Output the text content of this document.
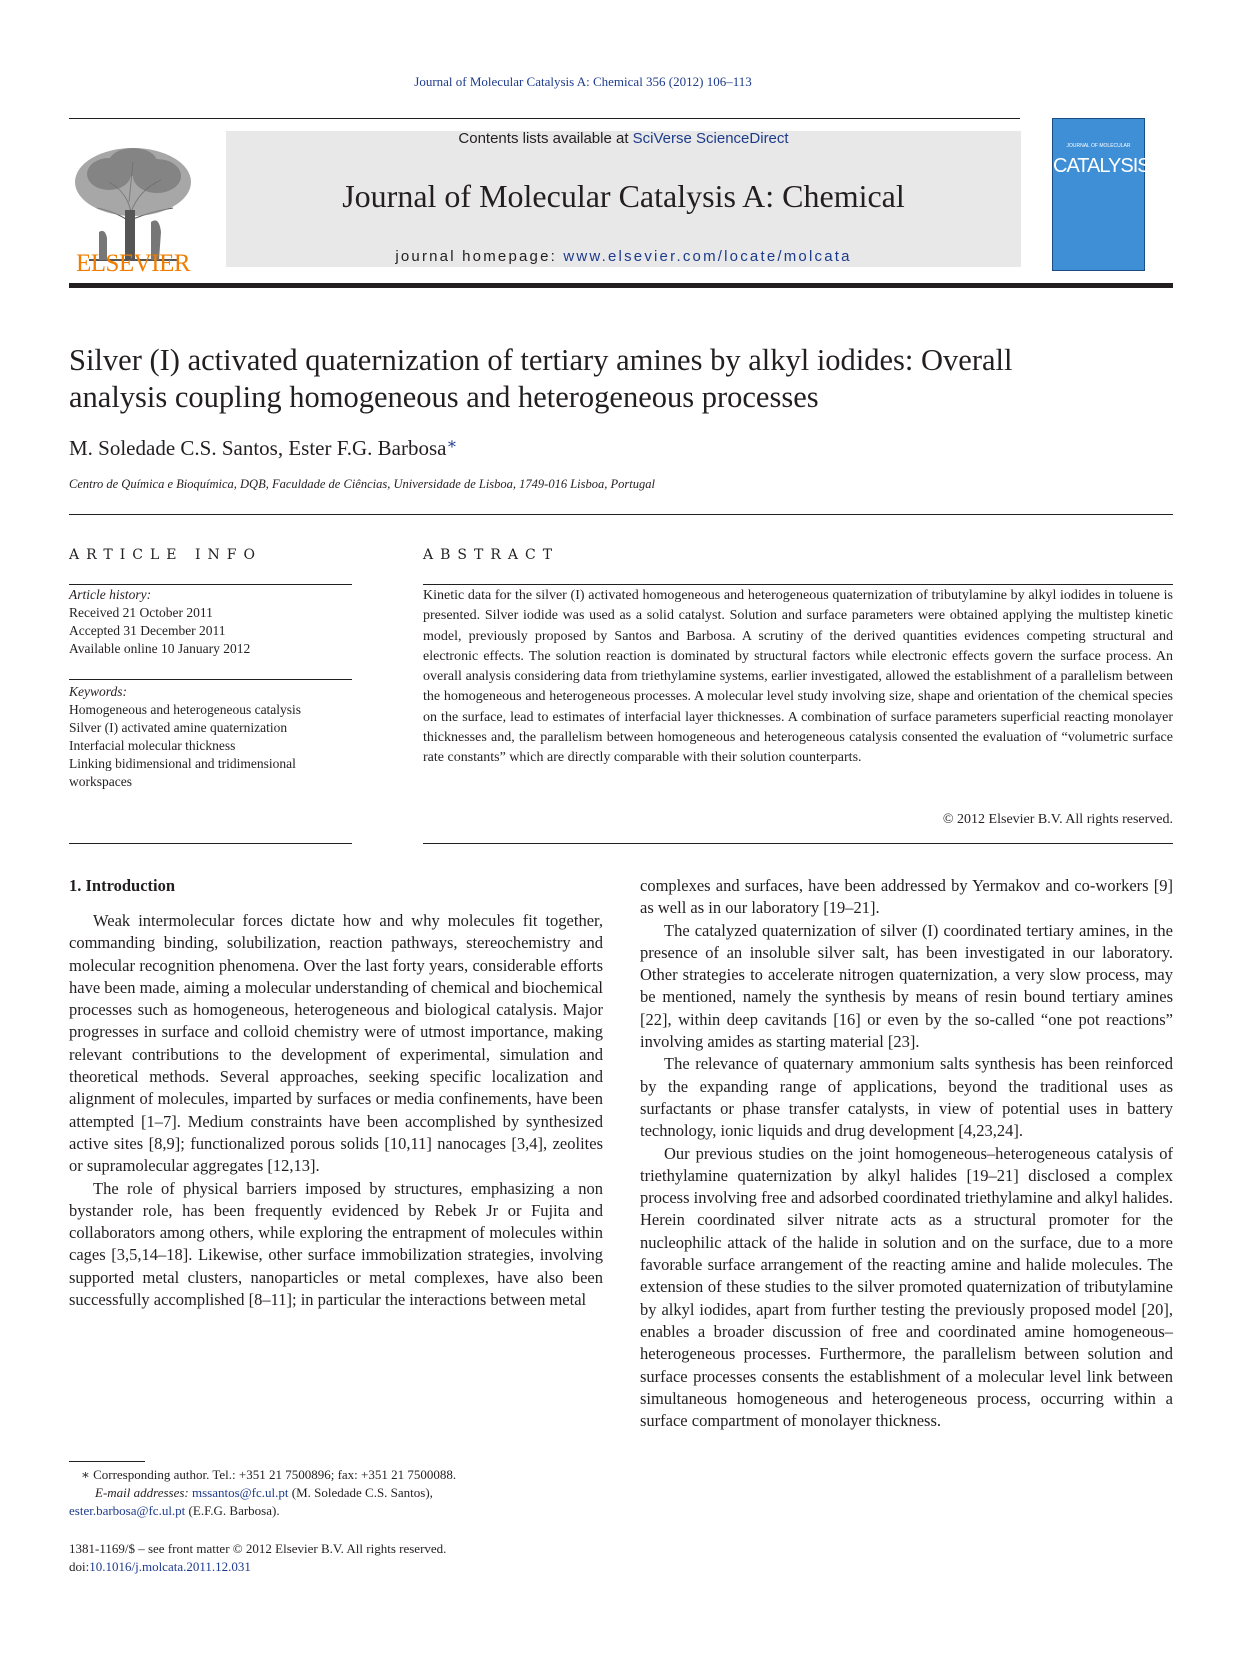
Journal of Molecular Catalysis A: Chemical 356 (2012) 106–113
ELSEVIER
Contents lists available at SciVerse ScienceDirect
Journal of Molecular Catalysis A: Chemical
journal homepage: www.elsevier.com/locate/molcata
JOURNAL OF MOLECULAR
CATALYSIS
Silver (I) activated quaternization of tertiary amines by alkyl iodides: Overall
analysis coupling homogeneous and heterogeneous processes
M. Soledade C.S. Santos, Ester F.G. Barbosa∗
Centro de Química e Bioquímica, DQB, Faculdade de Ciências, Universidade de Lisboa, 1749-016 Lisboa, Portugal
ARTICLE INFO	ABSTRACT
Article history:
Received 21 October 2011
Accepted 31 December 2011
Available online 10 January 2012
Keywords:
Homogeneous and heterogeneous catalysis
Silver (I) activated amine quaternization
Interfacial molecular thickness
Linking bidimensional and tridimensional
workspaces
Kinetic data for the silver (I) activated homogeneous and heterogeneous quaternization of tributylamine by alkyl iodides in toluene is presented. Silver iodide was used as a solid catalyst. Solution and surface parameters were obtained applying the multistep kinetic model, previously proposed by Santos and Barbosa. A scrutiny of the derived quantities evidences competing structural and electronic effects. The solution reaction is dominated by structural factors while electronic effects govern the surface process. An overall analysis considering data from triethylamine systems, earlier investigated, allowed the establishment of a parallelism between the homogeneous and heterogeneous processes. A molecular level study involving size, shape and orientation of the chemical species on the surface, lead to estimates of interfacial layer thicknesses. A combination of surface parameters superficial reacting monolayer thicknesses and, the parallelism between homogeneous and heterogeneous catalysis consented the evaluation of “volumetric surface rate constants” which are directly comparable with their solution counterparts.
© 2012 Elsevier B.V. All rights reserved.
1. Introduction

Weak intermolecular forces dictate how and why molecules fit together, commanding binding, solubilization, reaction pathways, stereochemistry and molecular recognition phenomena. Over the last forty years, considerable efforts have been made, aiming a molecular understanding of chemical and biochemical processes such as homogeneous, heterogeneous and biological catalysis. Major progresses in surface and colloid chemistry were of utmost importance, making relevant contributions to the development of experimental, simulation and theoretical methods. Several approaches, seeking specific localization and alignment of molecules, imparted by surfaces or media confinements, have been attempted [1–7]. Medium constraints have been accomplished by synthesized active sites [8,9]; functionalized porous solids [10,11] nanocages [3,4], zeolites or supramolecular aggregates [12,13].

The role of physical barriers imposed by structures, emphasizing a non bystander role, has been frequently evidenced by Rebek Jr or Fujita and collaborators among others, while exploring the entrapment of molecules within cages [3,5,14–18]. Likewise, other surface immobilization strategies, involving supported metal clusters, nanoparticles or metal complexes, have also been successfully accomplished [8–11]; in particular the interactions between metal

complexes and surfaces, have been addressed by Yermakov and co-workers [9] as well as in our laboratory [19–21].

The catalyzed quaternization of silver (I) coordinated tertiary amines, in the presence of an insoluble silver salt, has been investigated in our laboratory. Other strategies to accelerate nitrogen quaternization, a very slow process, may be mentioned, namely the synthesis by means of resin bound tertiary amines [22], within deep cavitands [16] or even by the so-called “one pot reactions” involving amides as starting material [23].

The relevance of quaternary ammonium salts synthesis has been reinforced by the expanding range of applications, beyond the traditional uses as surfactants or phase transfer catalysts, in view of potential uses in battery technology, ionic liquids and drug development [4,23,24].

Our previous studies on the joint homogeneous–heterogeneous catalysis of triethylamine quaternization by alkyl halides [19–21] disclosed a complex process involving free and adsorbed coordinated triethylamine and alkyl halides. Herein coordinated silver nitrate acts as a structural promoter for the nucleophilic attack of the halide in solution and on the surface, due to a more favorable surface arrangement of the reacting amine and halide molecules. The extension of these studies to the silver promoted quaternization of tributylamine by alkyl iodides, apart from further testing the previously proposed model [20], enables a broader discussion of free and coordinated amine homogeneous–heterogeneous processes. Furthermore, the parallelism between solution and surface processes consents the establishment of a molecular level link between simultaneous homogeneous and heterogeneous process, occurring within a surface compartment of monolayer thickness.

∗ Corresponding author. Tel.: +351 21 7500896; fax: +351 21 7500088.
E-mail addresses: mssantos@fc.ul.pt (M. Soledade C.S. Santos),
ester.barbosa@fc.ul.pt (E.F.G. Barbosa).
1381-1169/$ – see front matter © 2012 Elsevier B.V. All rights reserved.
doi:10.1016/j.molcata.2011.12.031
